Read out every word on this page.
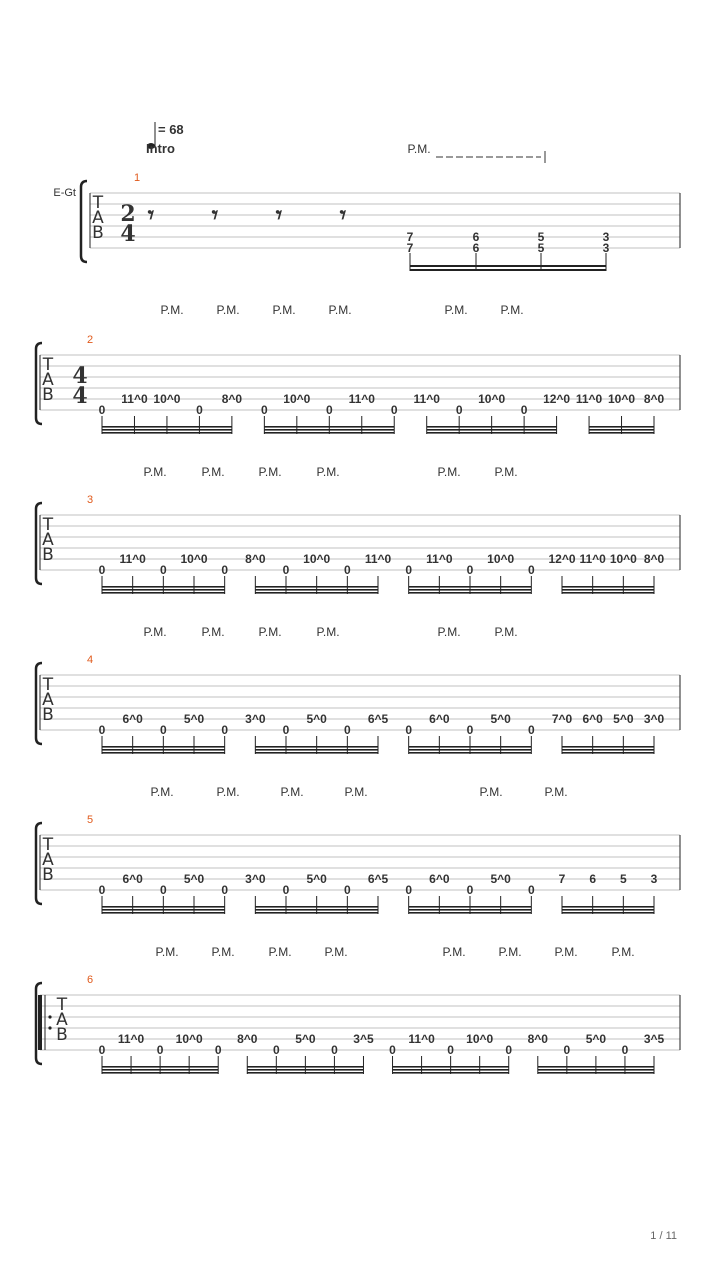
= 68
Intro
E-Gt T
A
B
1
P.M.
2
4
𝄾 𝄾 𝄾 𝄾
7
7
6
6
5
5
3
3
T
A
B
2
P.M.	P.M.	P.M.	P.M.	P.M.	P.M.
4
4
0
11^0 10^0
0
8^0
0
10^0
0
11^0
0
11^0
0
10^0
0
12^0 11^0 10^0 8^0
T
A
B
3
P.M.	P.M.	P.M.	P.M.	P.M.	P.M.
0
11^0
0
10^0
0
8^0
0
10^0
0
11^0
0
11^0
0
10^0
0
12^0 11^0 10^0 8^0
T
A
B
4
P.M.	P.M.	P.M.	P.M.	P.M.	P.M.
0
6^0
0
5^0
0
3^0
0
5^0
0
6^5
0
6^0
0
5^0
0
7^0 6^0 5^0 3^0
T
A
B
5
P.M.	P.M.	P.M.	P.M.	P.M.	P.M.
0
6^0
0
5^0
0
3^0
0
5^0
0
6^5
0
6^0
0
5^0
0
7 6 5 3
T
A
B
6
P.M.	P.M.	P.M.	P.M.	P.M.	P.M.	P.M.	P.M.
0
11^0
0
10^0
0
8^0
0
5^0
0
3^5
0
11^0
0
10^0
0
8^0
0
5^0
0
3^5
1 / 11
